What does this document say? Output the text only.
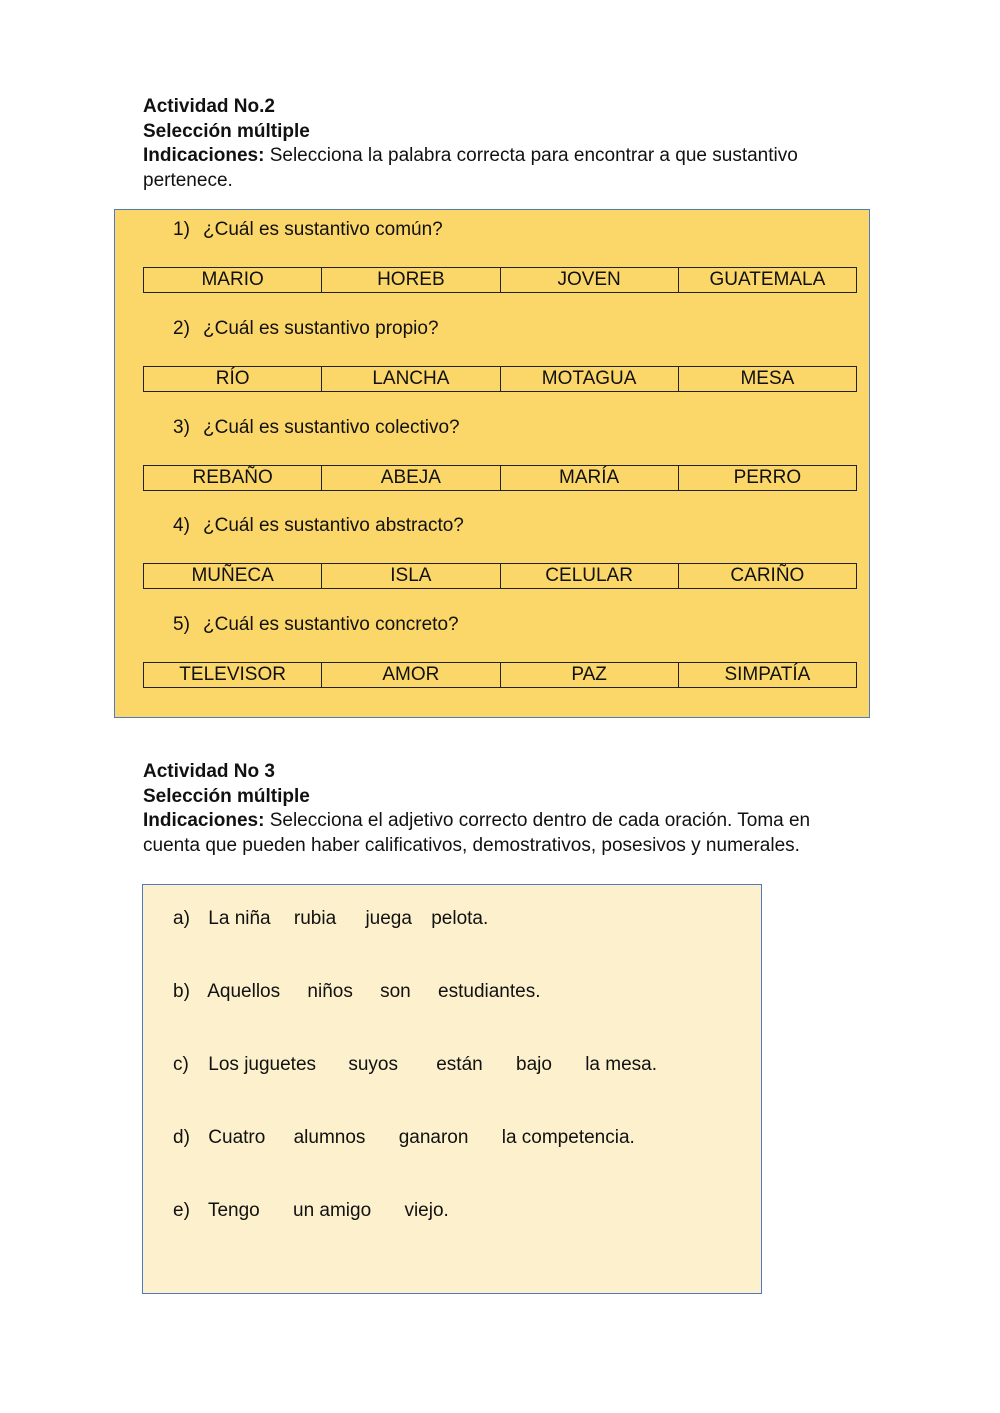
Actividad No.2
Selección múltiple
Indicaciones: Selecciona la palabra correcta para encontrar a que sustantivo pertenece.
1) ¿Cuál es sustantivo común?
MARIO	HOREB	JOVEN	GUATEMALA
2) ¿Cuál es sustantivo propio?
RÍO	LANCHA	MOTAGUA	MESA
3) ¿Cuál es sustantivo colectivo?
REBAÑO	ABEJA	MARÍA	PERRO
4) ¿Cuál es sustantivo abstracto?
MUÑECA	ISLA	CELULAR	CARIÑO
5) ¿Cuál es sustantivo concreto?
TELEVISOR	AMOR	PAZ	SIMPATÍA
Actividad No 3
Selección múltiple
Indicaciones: Selecciona el adjetivo correcto dentro de cada oración. Toma en cuenta que pueden haber calificativos, demostrativos, posesivos y numerales.
a) La niña rubia juega pelota.
b) Aquellos niños son estudiantes.
c) Los juguetes suyos están bajo la mesa.
d) Cuatro alumnos ganaron la competencia.
e) Tengo un amigo viejo.
